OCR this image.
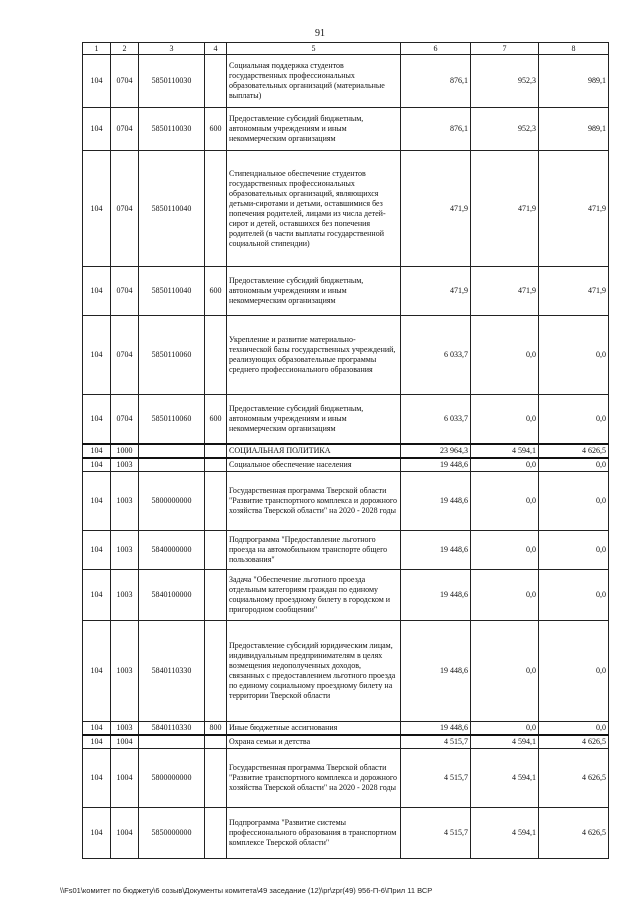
91
1	2	3	4	5	6	7	8
104	0704	5850110030		Социальная поддержка студентов государственных профессиональных образовательных организаций (материальные выплаты)	876,1	952,3	989,1
104	0704	5850110030	600	Предоставление субсидий бюджетным, автономным учреждениям и иным некоммерческим организациям	876,1	952,3	989,1
104	0704	5850110040		Стипендиальное обеспечение студентов государственных профессиональных образовательных организаций, являющихся детьми-сиротами и детьми, оставшимися без попечения родителей, лицами из числа детей-сирот и детей, оставшихся без попечения родителей (в части выплаты государственной социальной стипендии)	471,9	471,9	471,9
104	0704	5850110040	600	Предоставление субсидий бюджетным, автономным учреждениям и иным некоммерческим организациям	471,9	471,9	471,9
104	0704	5850110060		Укрепление и развитие материально-технической базы государственных учреждений, реализующих образовательные программы среднего профессионального образования	6 033,7	0,0	0,0
104	0704	5850110060	600	Предоставление субсидий бюджетным, автономным учреждениям и иным некоммерческим организациям	6 033,7	0,0	0,0
104	1000			СОЦИАЛЬНАЯ ПОЛИТИКА	23 964,3	4 594,1	4 626,5
104	1003			Социальное обеспечение населения	19 448,6	0,0	0,0
104	1003	5800000000		Государственная программа Тверской области "Развитие транспортного комплекса и дорожного хозяйства Тверской области" на 2020 - 2028 годы	19 448,6	0,0	0,0
104	1003	5840000000		Подпрограмма "Предоставление льготного проезда на автомобильном транспорте общего пользования"	19 448,6	0,0	0,0
104	1003	5840100000		Задача "Обеспечение льготного проезда отдельным категориям граждан по единому социальному проездному билету в городском и пригородном сообщении"	19 448,6	0,0	0,0
104	1003	5840110330		Предоставление субсидий юридическим лицам, индивидуальным предпринимателям в целях возмещения недополученных доходов, связанных с предоставлением льготного проезда по единому социальному проездному билету на территории Тверской области	19 448,6	0,0	0,0
104	1003	5840110330	800	Иные бюджетные ассигнования	19 448,6	0,0	0,0
104	1004			Охрана семьи и детства	4 515,7	4 594,1	4 626,5
104	1004	5800000000		Государственная программа Тверской области "Развитие транспортного комплекса и дорожного хозяйства Тверской области" на 2020 - 2028 годы	4 515,7	4 594,1	4 626,5
104	1004	5850000000		Подпрограмма "Развитие системы профессионального образования в транспортном комплексе Тверской области"	4 515,7	4 594,1	4 626,5
\\Fs01\комитет по бюджету\6 созыв\Документы комитета\49 заседание (12)\pr\zpr(49) 956-П-6\Прил 11 ВСР
